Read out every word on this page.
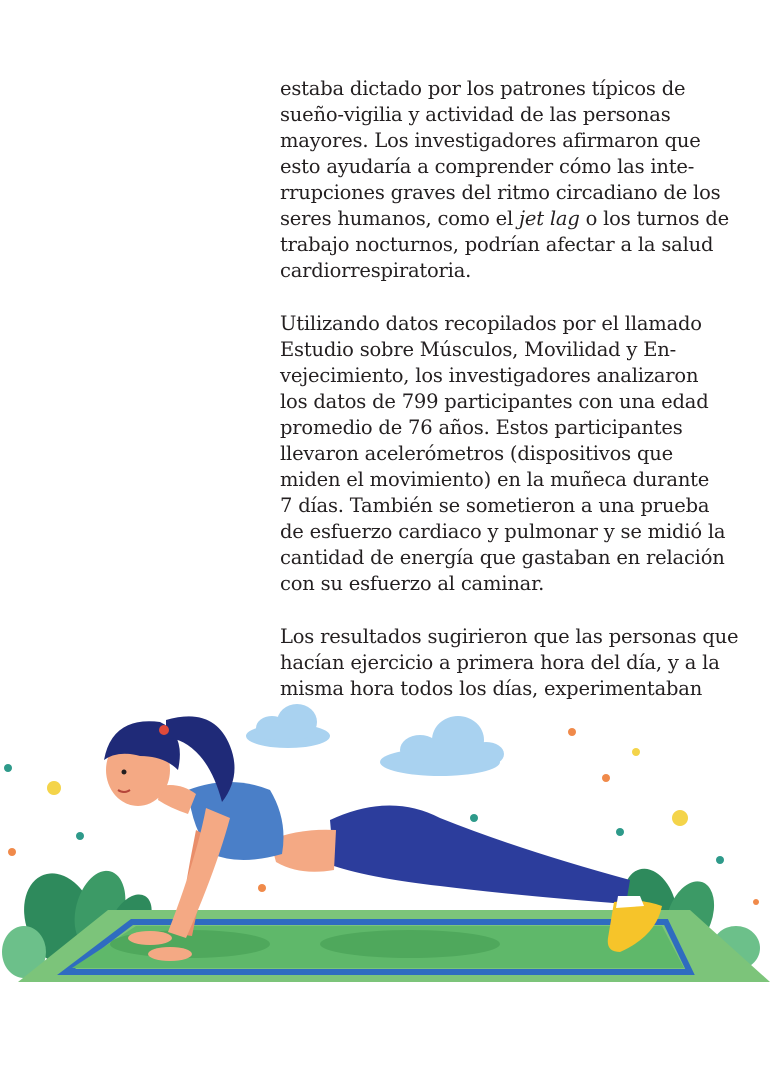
estaba dictado por los patrones típicos de
sueño-vigilia y actividad de las personas
mayores. Los investigadores afirmaron que
esto ayudaría a comprender cómo las inte-
rrupciones graves del ritmo circadiano de los
seres humanos, como el jet lag o los turnos de
trabajo nocturnos, podrían afectar a la salud
cardiorrespiratoria.

Utilizando datos recopilados por el llamado
Estudio sobre Músculos, Movilidad y En-
vejecimiento, los investigadores analizaron
los datos de 799 participantes con una edad
promedio de 76 años. Estos participantes
llevaron acelerómetros (dispositivos que
miden el movimiento) en la muñeca durante
7 días. También se sometieron a una prueba
de esfuerzo cardiaco y pulmonar y se midió la
cantidad de energía que gastaban en relación
con su esfuerzo al caminar.

Los resultados sugirieron que las personas que
hacían ejercicio a primera hora del día, y a la
misma hora todos los días, experimentaban
